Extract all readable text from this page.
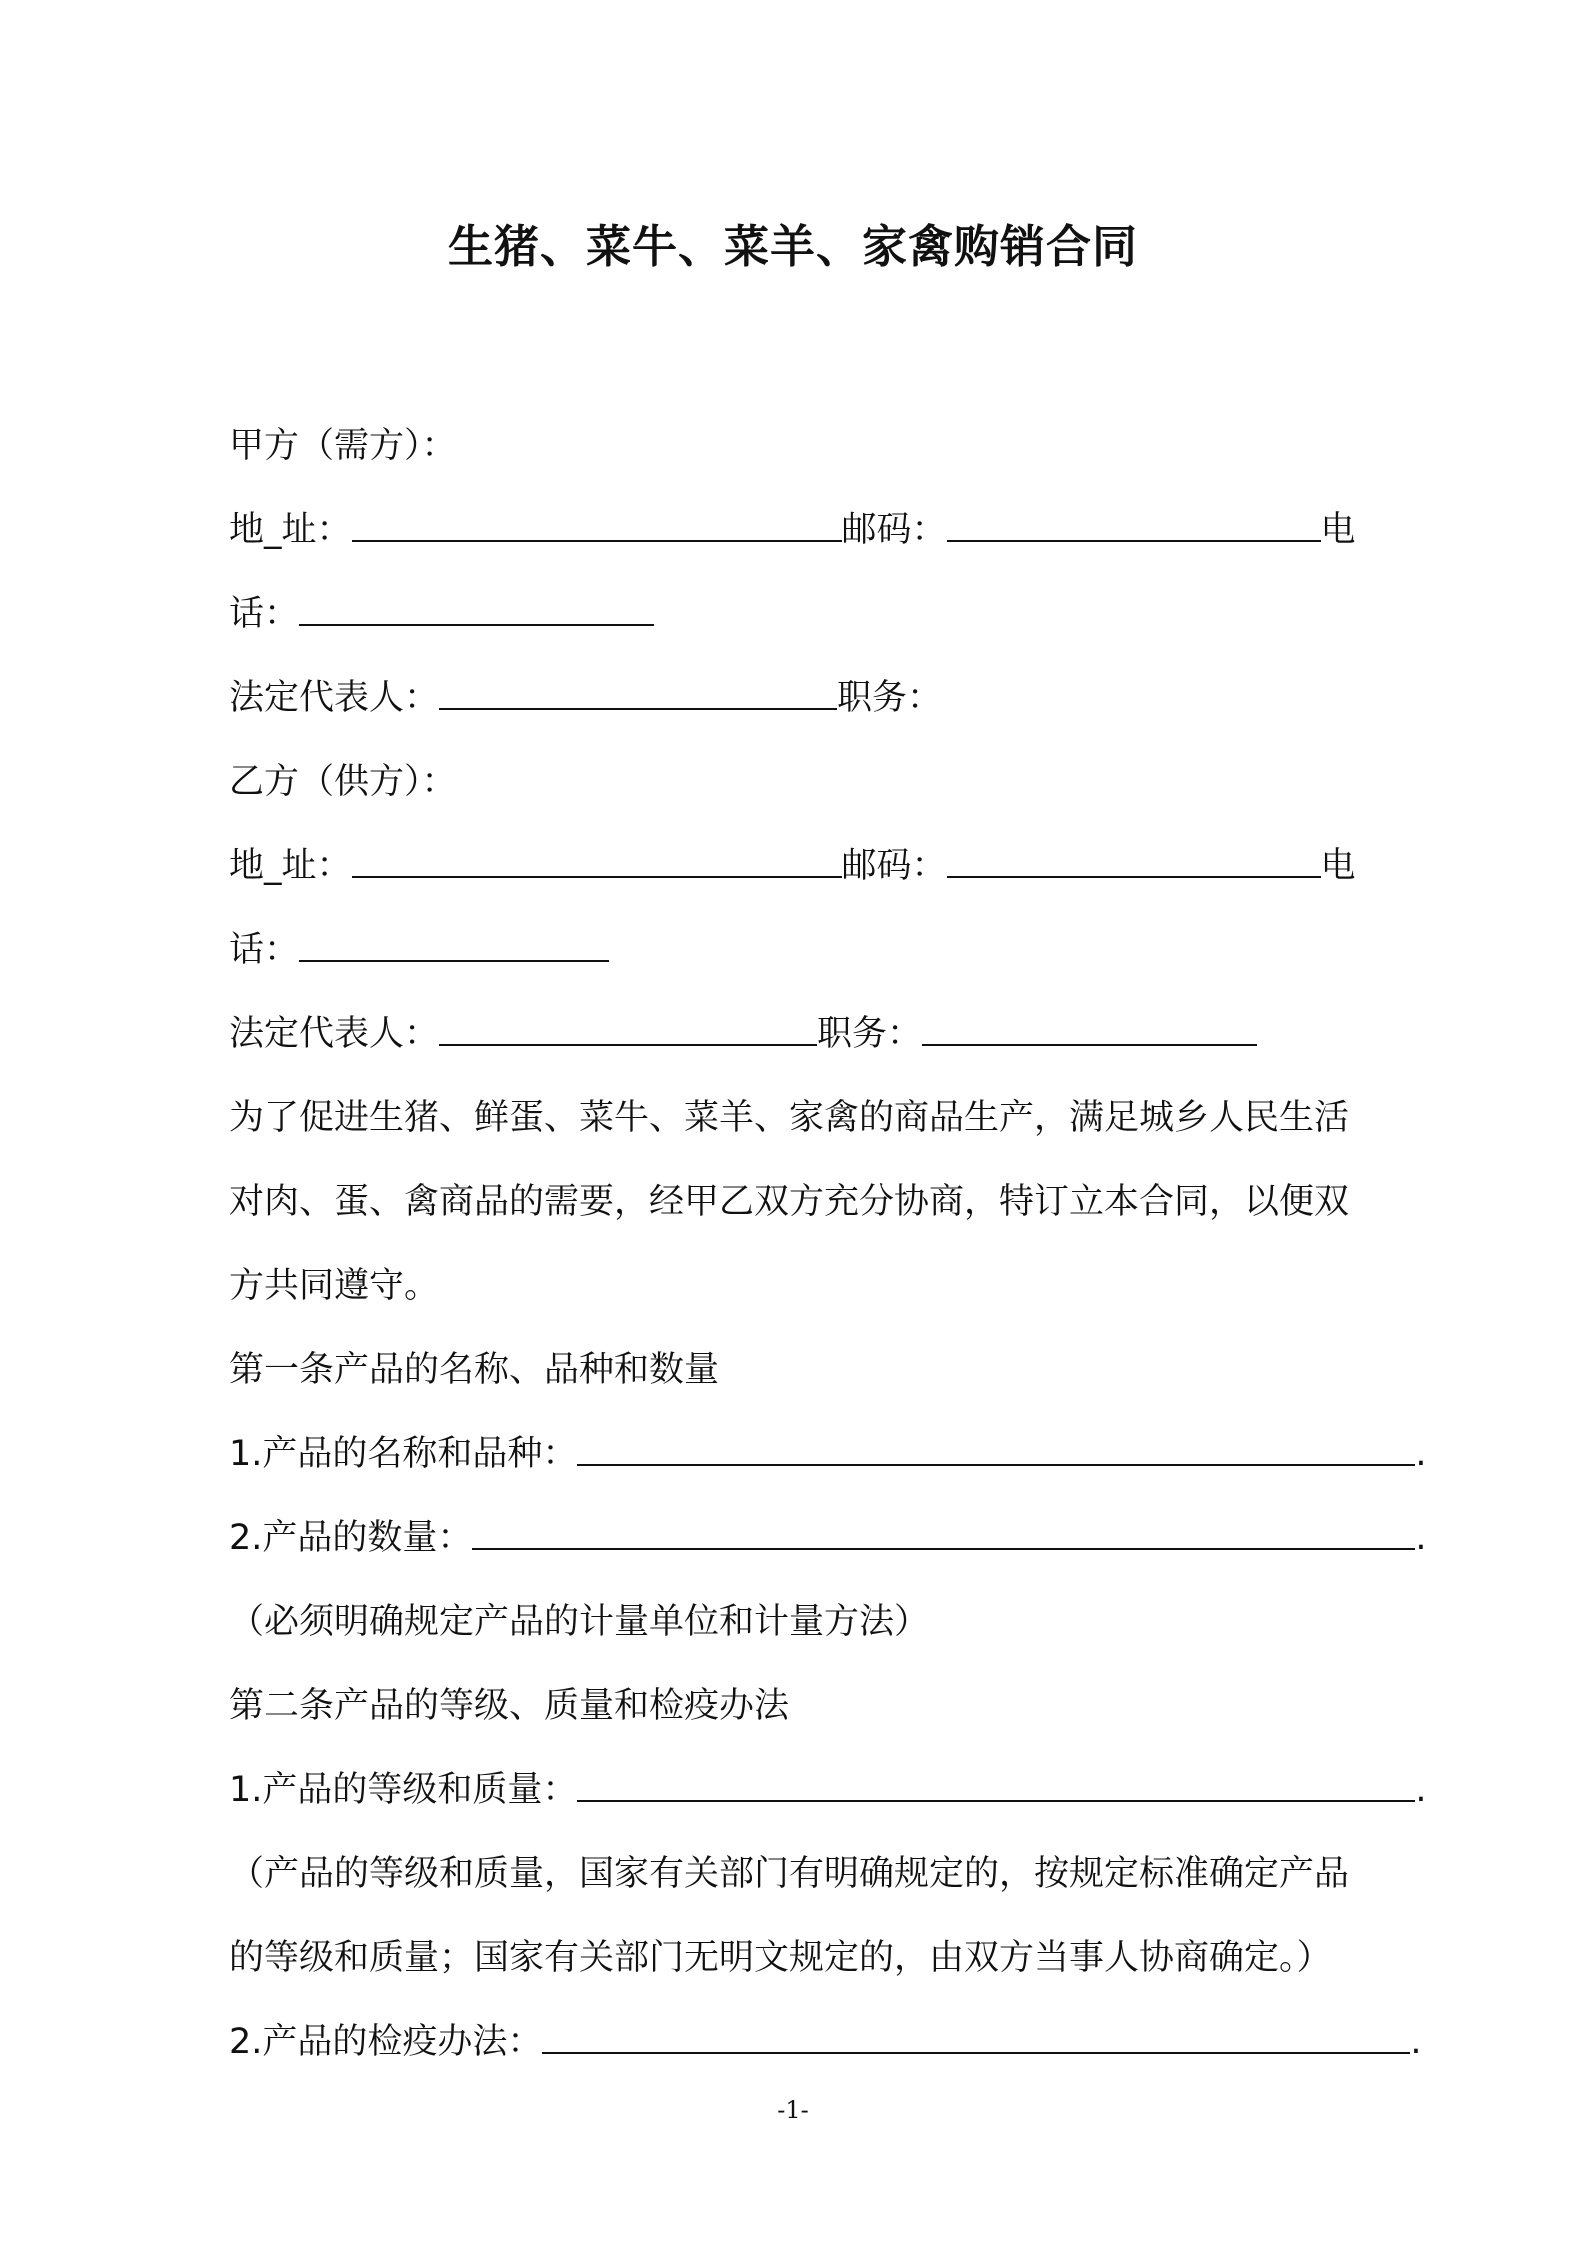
生猪、菜牛、菜羊、家禽购销合同
甲方（需方）：
地_址：	邮码：	电
话：
法定代表人：	职务：
乙方（供方）：
地_址：	邮码：	电
话：
法定代表人：	职务：
为了促进生猪、鲜蛋、菜牛、菜羊、家禽的商品生产，满足城乡人民生活
对肉、蛋、禽商品的需要，经甲乙双方充分协商，特订立本合同，以便双
方共同遵守。
第一条产品的名称、品种和数量
1.产品的名称和品种：	.
2.产品的数量：	.
（必须明确规定产品的计量单位和计量方法）
第二条产品的等级、质量和检疫办法
1.产品的等级和质量：	.
（产品的等级和质量，国家有关部门有明确规定的，按规定标准确定产品
的等级和质量；国家有关部门无明文规定的，由双方当事人协商确定。）
2.产品的检疫办法：	.
-1-
